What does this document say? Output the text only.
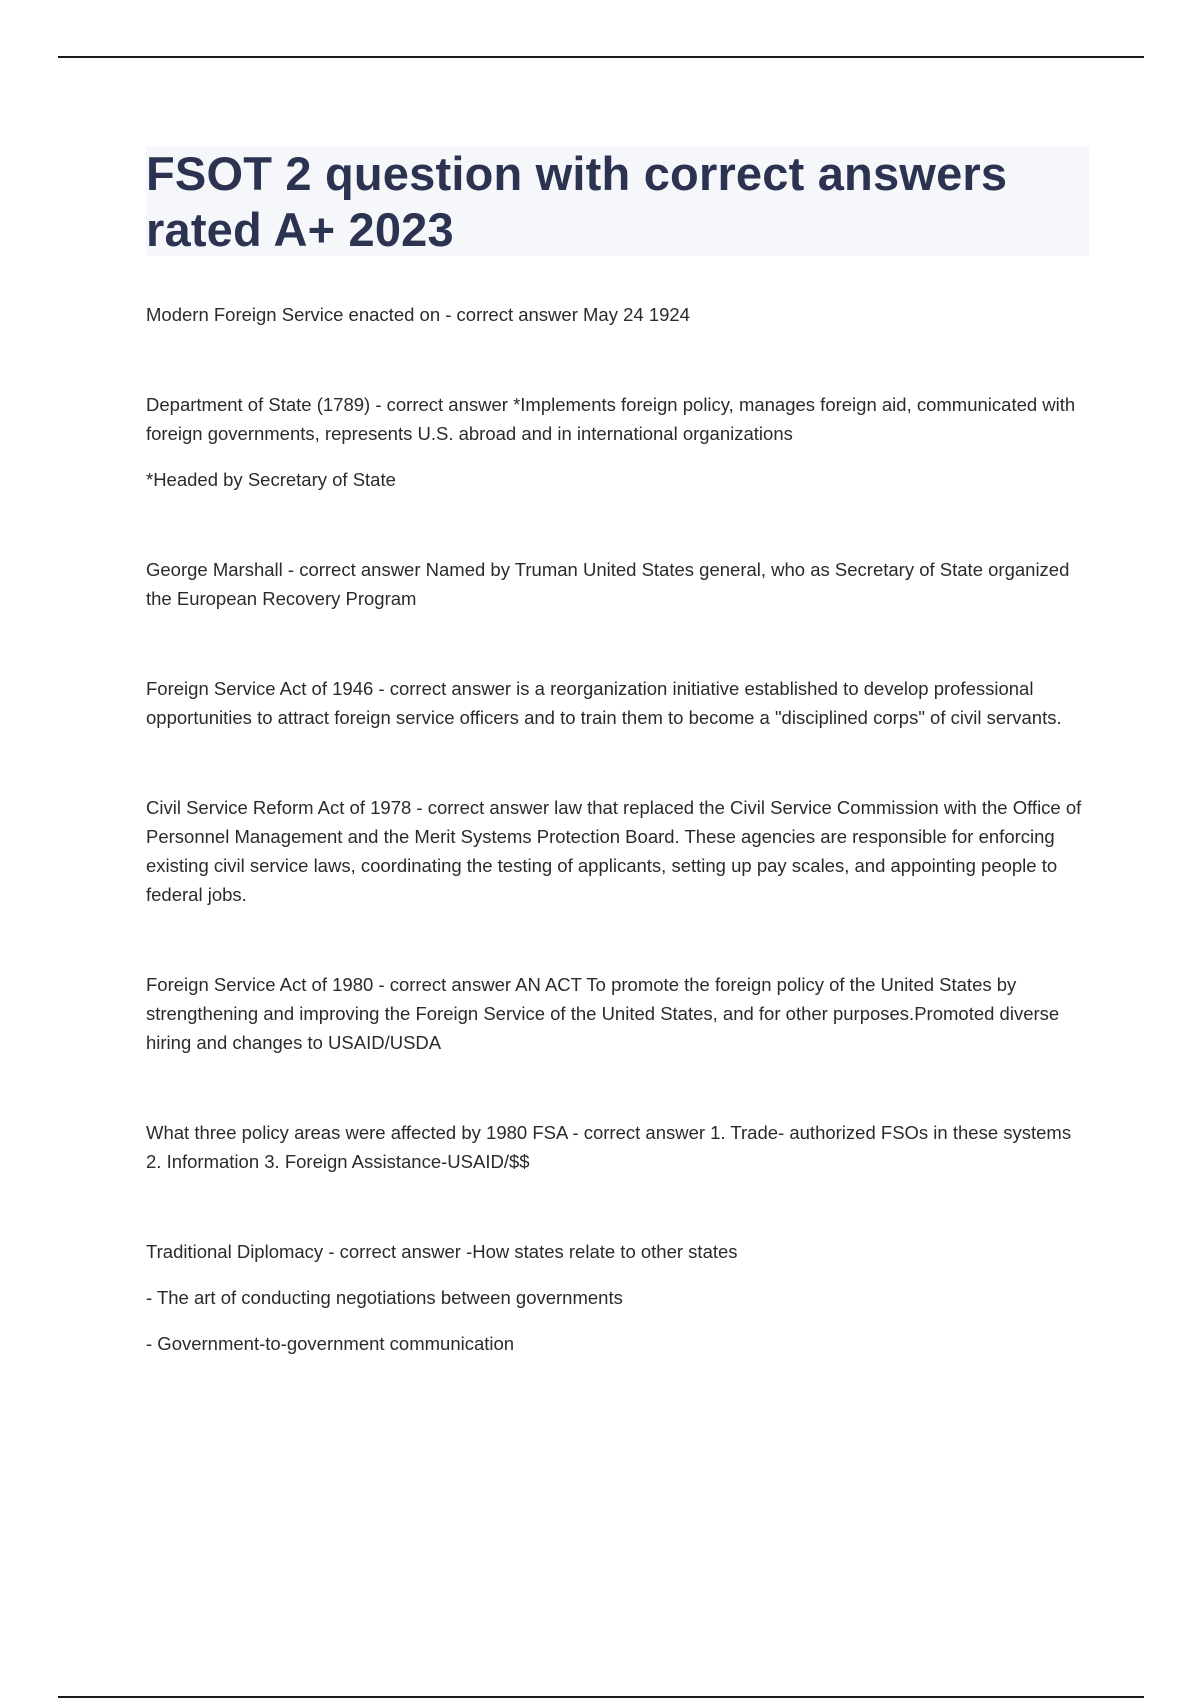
FSOT 2 question with correct answers rated A+ 2023

Modern Foreign Service enacted on - correct answer May 24 1924

Department of State (1789) - correct answer *Implements foreign policy, manages foreign aid, communicated with foreign governments, represents U.S. abroad and in international organizations

*Headed by Secretary of State

George Marshall - correct answer Named by Truman United States general, who as Secretary of State organized the European Recovery Program

Foreign Service Act of 1946 - correct answer is a reorganization initiative established to develop professional opportunities to attract foreign service officers and to train them to become a "disciplined corps" of civil servants.

Civil Service Reform Act of 1978 - correct answer law that replaced the Civil Service Commission with the Office of Personnel Management and the Merit Systems Protection Board. These agencies are responsible for enforcing existing civil service laws, coordinating the testing of applicants, setting up pay scales, and appointing people to federal jobs.

Foreign Service Act of 1980 - correct answer AN ACT To promote the foreign policy of the United States by strengthening and improving the Foreign Service of the United States, and for other purposes.Promoted diverse hiring and changes to USAID/USDA

What three policy areas were affected by 1980 FSA - correct answer 1. Trade- authorized FSOs in these systems 2. Information 3. Foreign Assistance-USAID/$$

Traditional Diplomacy - correct answer -How states relate to other states

- The art of conducting negotiations between governments

- Government-to-government communication
